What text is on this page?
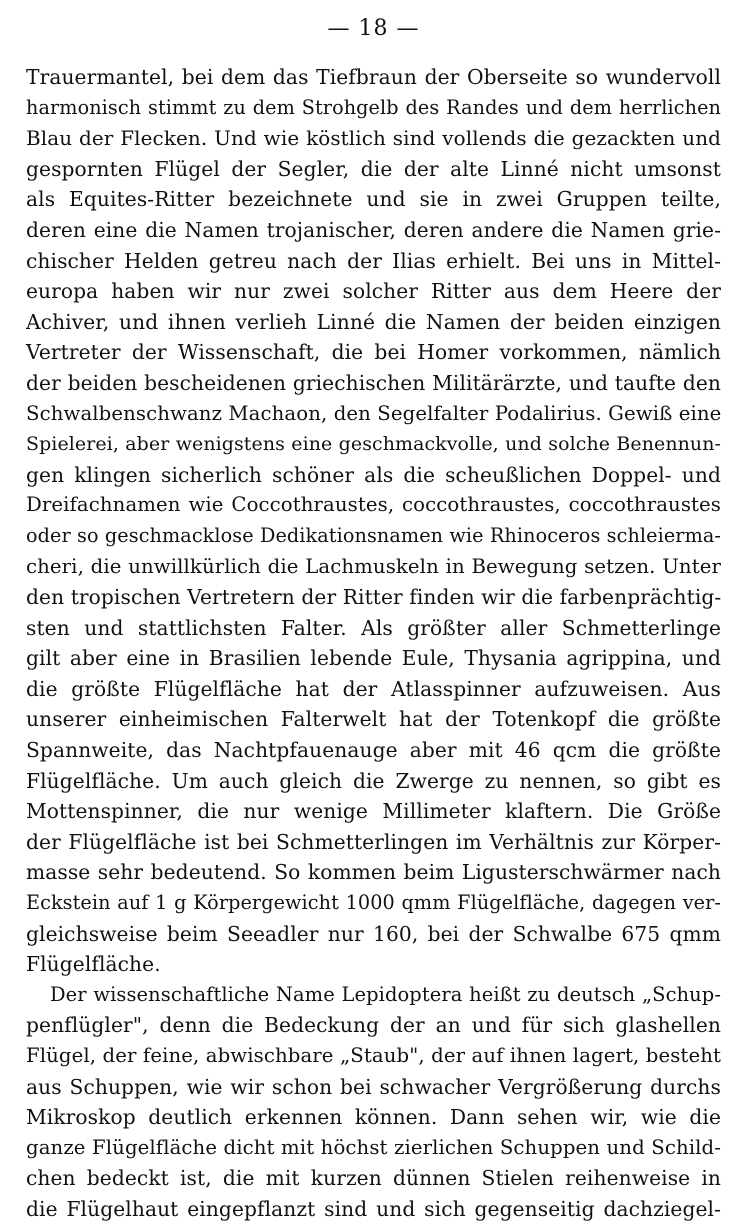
— 18 —
Trauermantel, bei dem das Tiefbraun der Oberseite so wundervoll
harmonisch stimmt zu dem Strohgelb des Randes und dem herrlichen
Blau der Flecken. Und wie köstlich sind vollends die gezackten und
gespornten Flügel der Segler, die der alte Linné nicht umsonst
als Equites-Ritter bezeichnete und sie in zwei Gruppen teilte,
deren eine die Namen trojanischer, deren andere die Namen grie-
chischer Helden getreu nach der Ilias erhielt. Bei uns in Mittel-
europa haben wir nur zwei solcher Ritter aus dem Heere der
Achiver, und ihnen verlieh Linné die Namen der beiden einzigen
Vertreter der Wissenschaft, die bei Homer vorkommen, nämlich
der beiden bescheidenen griechischen Militärärzte, und taufte den
Schwalbenschwanz Machaon, den Segelfalter Podalirius. Gewiß eine
Spielerei, aber wenigstens eine geschmackvolle, und solche Benennun-
gen klingen sicherlich schöner als die scheußlichen Doppel- und
Dreifachnamen wie Coccothraustes, coccothraustes, coccothraustes
oder so geschmacklose Dedikationsnamen wie Rhinoceros schleierma-
cheri, die unwillkürlich die Lachmuskeln in Bewegung setzen. Unter
den tropischen Vertretern der Ritter finden wir die farbenprächtig-
sten und stattlichsten Falter. Als größter aller Schmetterlinge
gilt aber eine in Brasilien lebende Eule, Thysania agrippina, und
die größte Flügelfläche hat der Atlasspinner aufzuweisen. Aus
unserer einheimischen Falterwelt hat der Totenkopf die größte
Spannweite, das Nachtpfauenauge aber mit 46 qcm die größte
Flügelfläche. Um auch gleich die Zwerge zu nennen, so gibt es
Mottenspinner, die nur wenige Millimeter klaftern. Die Größe
der Flügelfläche ist bei Schmetterlingen im Verhältnis zur Körper-
masse sehr bedeutend. So kommen beim Ligusterschwärmer nach
Eckstein auf 1 g Körpergewicht 1000 qmm Flügelfläche, dagegen ver-
gleichsweise beim Seeadler nur 160, bei der Schwalbe 675 qmm
Flügelfläche.
Der wissenschaftliche Name Lepidoptera heißt zu deutsch „Schup-
penflügler", denn die Bedeckung der an und für sich glashellen
Flügel, der feine, abwischbare „Staub", der auf ihnen lagert, besteht
aus Schuppen, wie wir schon bei schwacher Vergrößerung durchs
Mikroskop deutlich erkennen können. Dann sehen wir, wie die
ganze Flügelfläche dicht mit höchst zierlichen Schuppen und Schild-
chen bedeckt ist, die mit kurzen dünnen Stielen reihenweise in
die Flügelhaut eingepflanzt sind und sich gegenseitig dachziegel-
